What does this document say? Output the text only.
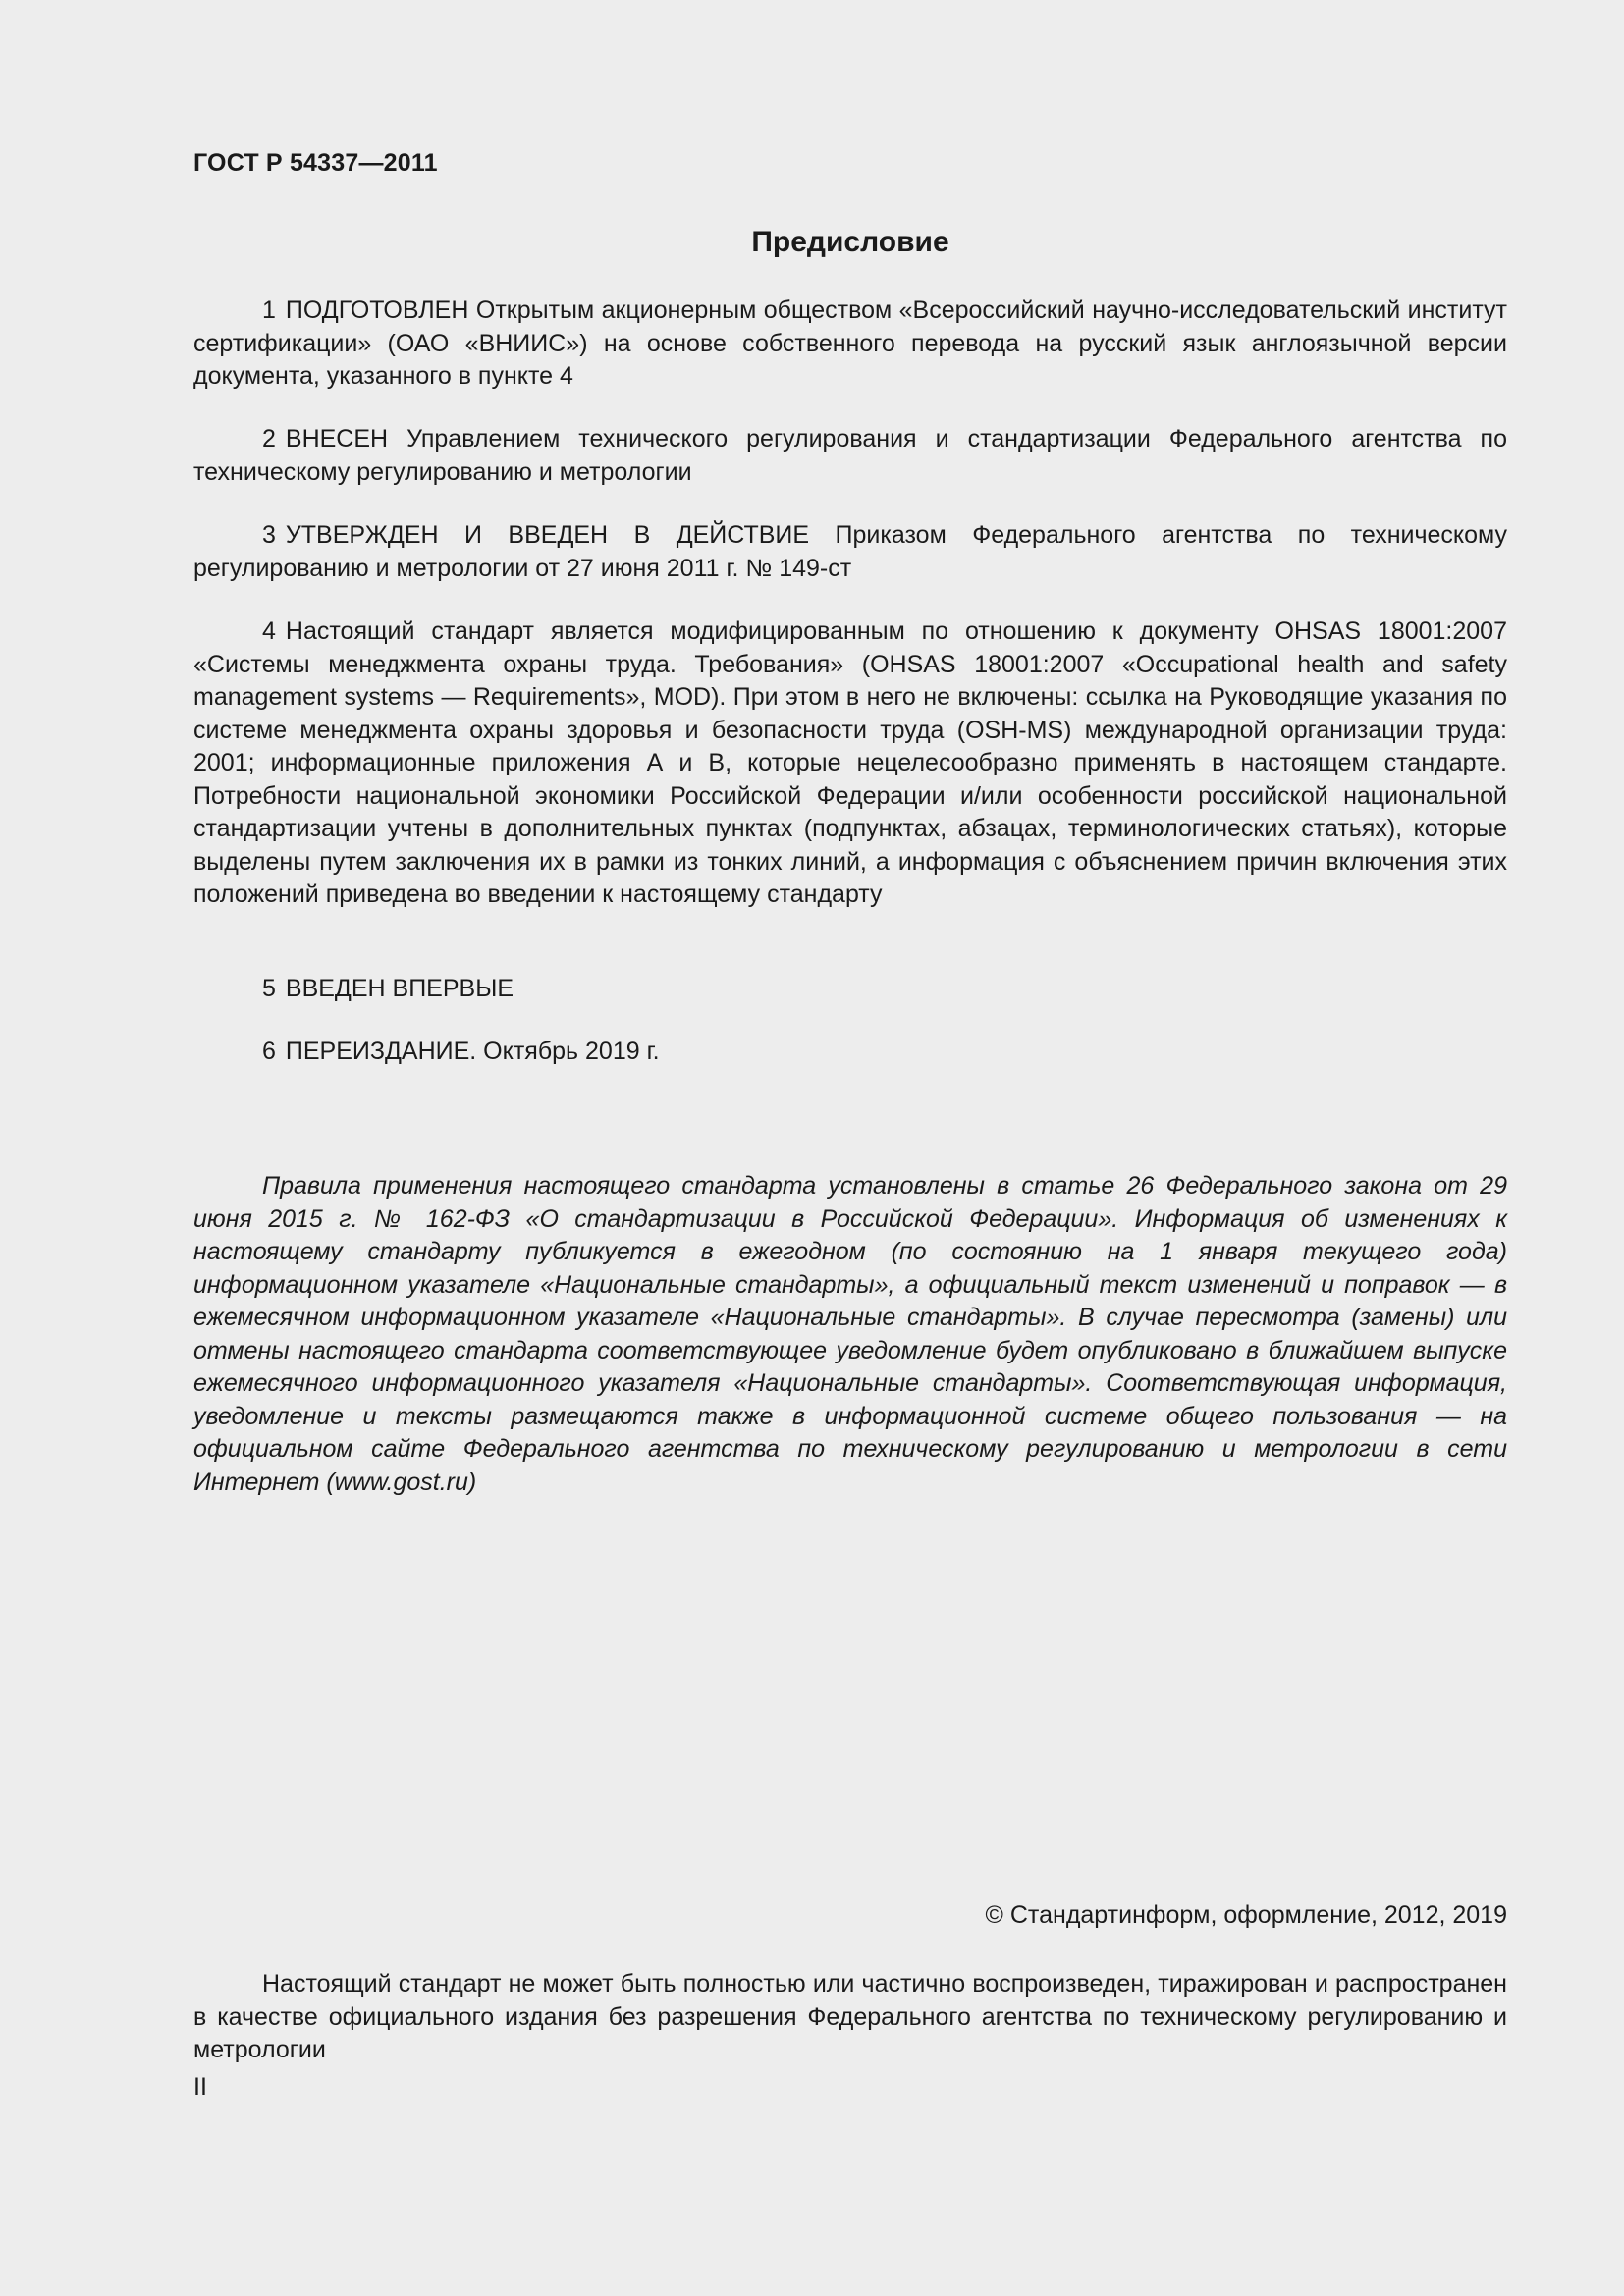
ГОСТ Р 54337—2011
Предисловие

1 ПОДГОТОВЛЕН Открытым акционерным обществом «Всероссийский научно-исследовательский институт сертификации» (ОАО «ВНИИС») на основе собственного перевода на русский язык англоязычной версии документа, указанного в пункте 4

2 ВНЕСЕН Управлением технического регулирования и стандартизации Федерального агентства по техническому регулированию и метрологии

3 УТВЕРЖДЕН И ВВЕДЕН В ДЕЙСТВИЕ Приказом Федерального агентства по техническому регулированию и метрологии от 27 июня 2011 г. № 149-ст

4 Настоящий стандарт является модифицированным по отношению к документу OHSAS 18001:2007 «Системы менеджмента охраны труда. Требования» (OHSAS 18001:2007 «Occupational health and safety management systems — Requirements», MOD). При этом в него не включены: ссылка на Руководящие указания по системе менеджмента охраны здоровья и безопасности труда (OSH-MS) международной организации труда: 2001; информационные приложения А и В, которые нецелесообразно применять в настоящем стандарте. Потребности национальной экономики Российской Федерации и/или особенности российской национальной стандартизации учтены в дополнительных пунктах (подпунктах, абзацах, терминологических статьях), которые выделены путем заключения их в рамки из тонких линий, а информация с объяснением причин включения этих положений приведена во введении к настоящему стандарту

5 ВВЕДЕН ВПЕРВЫЕ

6 ПЕРЕИЗДАНИЕ. Октябрь 2019 г.

Правила применения настоящего стандарта установлены в статье 26 Федерального закона от 29 июня 2015 г. № 162-ФЗ «О стандартизации в Российской Федерации». Информация об изменениях к настоящему стандарту публикуется в ежегодном (по состоянию на 1 января текущего года) информационном указателе «Национальные стандарты», а официальный текст изменений и поправок — в ежемесячном информационном указателе «Национальные стандарты». В случае пересмотра (замены) или отмены настоящего стандарта соответствующее уведомление будет опубликовано в ближайшем выпуске ежемесячного информационного указателя «Национальные стандарты». Соответствующая информация, уведомление и тексты размещаются также в информационной системе общего пользования — на официальном сайте Федерального агентства по техническому регулированию и метрологии в сети Интернет (www.gost.ru)

© Стандартинформ, оформление, 2012, 2019

Настоящий стандарт не может быть полностью или частично воспроизведен, тиражирован и распространен в качестве официального издания без разрешения Федерального агентства по техническому регулированию и метрологии

II
